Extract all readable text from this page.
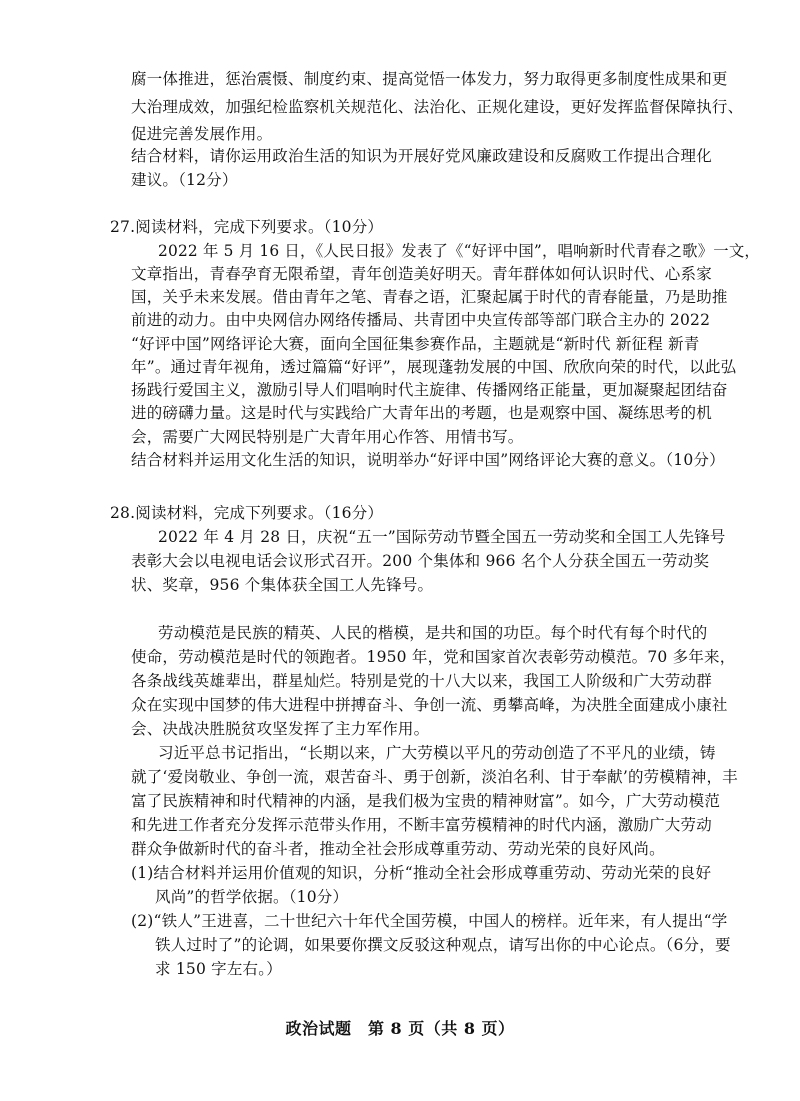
腐一体推进，惩治震慑、制度约束、提高觉悟一体发力，努力取得更多制度性成果和更
大治理成效，加强纪检监察机关规范化、法治化、正规化建设，更好发挥监督保障执行、
促进完善发展作用。
结合材料，请你运用政治生活的知识为开展好党风廉政建设和反腐败工作提出合理化
建议。（12分）
27.阅读材料，完成下列要求。（10分）
2022 年 5 月 16 日，《人民日报》发表了《“好评中国”，唱响新时代青春之歌》一文，
文章指出，青春孕育无限希望，青年创造美好明天。青年群体如何认识时代、心系家
国，关乎未来发展。借由青年之笔、青春之语，汇聚起属于时代的青春能量，乃是助推
前进的动力。由中央网信办网络传播局、共青团中央宣传部等部门联合主办的 2022
“好评中国”网络评论大赛，面向全国征集参赛作品，主题就是“新时代 新征程 新青
年”。通过青年视角，透过篇篇“好评”，展现蓬勃发展的中国、欣欣向荣的时代，以此弘
扬践行爱国主义，激励引导人们唱响时代主旋律、传播网络正能量，更加凝聚起团结奋
进的磅礴力量。这是时代与实践给广大青年出的考题，也是观察中国、凝练思考的机
会，需要广大网民特别是广大青年用心作答、用情书写。
结合材料并运用文化生活的知识，说明举办“好评中国”网络评论大赛的意义。（10分）
28.阅读材料，完成下列要求。（16分）
2022 年 4 月 28 日，庆祝“五一”国际劳动节暨全国五一劳动奖和全国工人先锋号
表彰大会以电视电话会议形式召开。200 个集体和 966 名个人分获全国五一劳动奖
状、奖章，956 个集体获全国工人先锋号。
劳动模范是民族的精英、人民的楷模，是共和国的功臣。每个时代有每个时代的
使命，劳动模范是时代的领跑者。1950 年，党和国家首次表彰劳动模范。70 多年来，
各条战线英雄辈出，群星灿烂。特别是党的十八大以来，我国工人阶级和广大劳动群
众在实现中国梦的伟大进程中拼搏奋斗、争创一流、勇攀高峰，为决胜全面建成小康社
会、决战决胜脱贫攻坚发挥了主力军作用。
习近平总书记指出，“长期以来，广大劳模以平凡的劳动创造了不平凡的业绩，铸
就了‘爱岗敬业、争创一流，艰苦奋斗、勇于创新，淡泊名利、甘于奉献’的劳模精神，丰
富了民族精神和时代精神的内涵，是我们极为宝贵的精神财富”。如今，广大劳动模范
和先进工作者充分发挥示范带头作用，不断丰富劳模精神的时代内涵，激励广大劳动
群众争做新时代的奋斗者，推动全社会形成尊重劳动、劳动光荣的良好风尚。
(1)结合材料并运用价值观的知识，分析“推动全社会形成尊重劳动、劳动光荣的良好
风尚”的哲学依据。（10分）
(2)“铁人”王进喜，二十世纪六十年代全国劳模，中国人的榜样。近年来，有人提出“学
铁人过时了”的论调，如果要你撰文反驳这种观点，请写出你的中心论点。（6分，要
求 150 字左右。）
政治试题　第 8 页（共 8 页）
